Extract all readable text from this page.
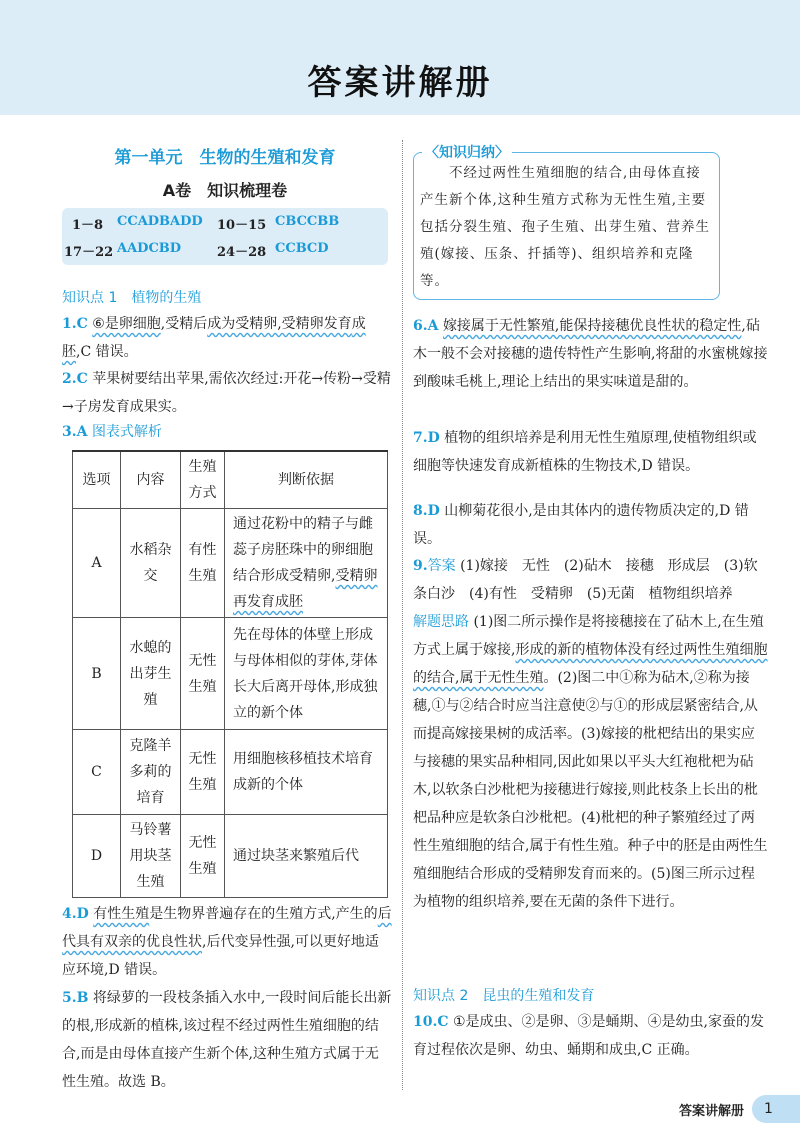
答案讲解册
第一单元　生物的生殖和发育
A卷　知识梳理卷
1－8 CCADBADD 10－15 CBCCBB
17－22 AADCBD	24－28 CCBCD
知识点 1　植物的生殖
1.C ⑥是卵细胞,受精后成为受精卵,受精卵发育成胚,C 错误。
2.C 苹果树要结出苹果,需依次经过:开花→传粉→受精→子房发育成果实。
3.A 图表式解析
选项	内容	生殖方式	判断依据
A	水稻杂交	有性生殖	通过花粉中的精子与雌蕊子房胚珠中的卵细胞结合形成受精卵,受精卵再发育成胚
B	水螅的出芽生殖	无性生殖	先在母体的体壁上形成与母体相似的芽体,芽体长大后离开母体,形成独立的新个体
C	克隆羊多莉的培育	无性生殖	用细胞核移植技术培育成新的个体
D	马铃薯用块茎生殖	无性生殖	通过块茎来繁殖后代
4.D 有性生殖是生物界普遍存在的生殖方式,产生的后代具有双亲的优良性状,后代变异性强,可以更好地适应环境,D 错误。
5.B 将绿萝的一段枝条插入水中,一段时间后能长出新的根,形成新的植株,该过程不经过两性生殖细胞的结合,而是由母体直接产生新个体,这种生殖方式属于无性生殖。故选 B。
〈知识归纳〉
  不经过两性生殖细胞的结合,由母体直接产生新个体,这种生殖方式称为无性生殖,主要包括分裂生殖、孢子生殖、出芽生殖、营养生殖(嫁接、压条、扦插等)、组织培养和克隆等。
6.A 嫁接属于无性繁殖,能保持接穗优良性状的稳定性,砧木一般不会对接穗的遗传特性产生影响,将甜的水蜜桃嫁接到酸味毛桃上,理论上结出的果实味道是甜的。
7.D 植物的组织培养是利用无性生殖原理,使植物组织或细胞等快速发育成新植株的生物技术,D 错误。
8.D 山柳菊花很小,是由其体内的遗传物质决定的,D 错误。
9.答案 (1)嫁接　无性　(2)砧木　接穗　形成层　(3)软条白沙　(4)有性　受精卵　(5)无菌　植物组织培养
解题思路 (1)图二所示操作是将接穗接在了砧木上,在生殖方式上属于嫁接,形成的新的植物体没有经过两性生殖细胞的结合,属于无性生殖。(2)图二中①称为砧木,②称为接穗,①与②结合时应当注意使②与①的形成层紧密结合,从而提高嫁接果树的成活率。(3)嫁接的枇杷结出的果实应与接穗的果实品种相同,因此如果以平头大红袍枇杷为砧木,以软条白沙枇杷为接穗进行嫁接,则此枝条上长出的枇杷品种应是软条白沙枇杷。(4)枇杷的种子繁殖经过了两性生殖细胞的结合,属于有性生殖。种子中的胚是由两性生殖细胞结合形成的受精卵发育而来的。(5)图三所示过程为植物的组织培养,要在无菌的条件下进行。
知识点 2　昆虫的生殖和发育
10.C ①是成虫、②是卵、③是蛹期、④是幼虫,家蚕的发育过程依次是卵、幼虫、蛹期和成虫,C 正确。
答案讲解册	1
